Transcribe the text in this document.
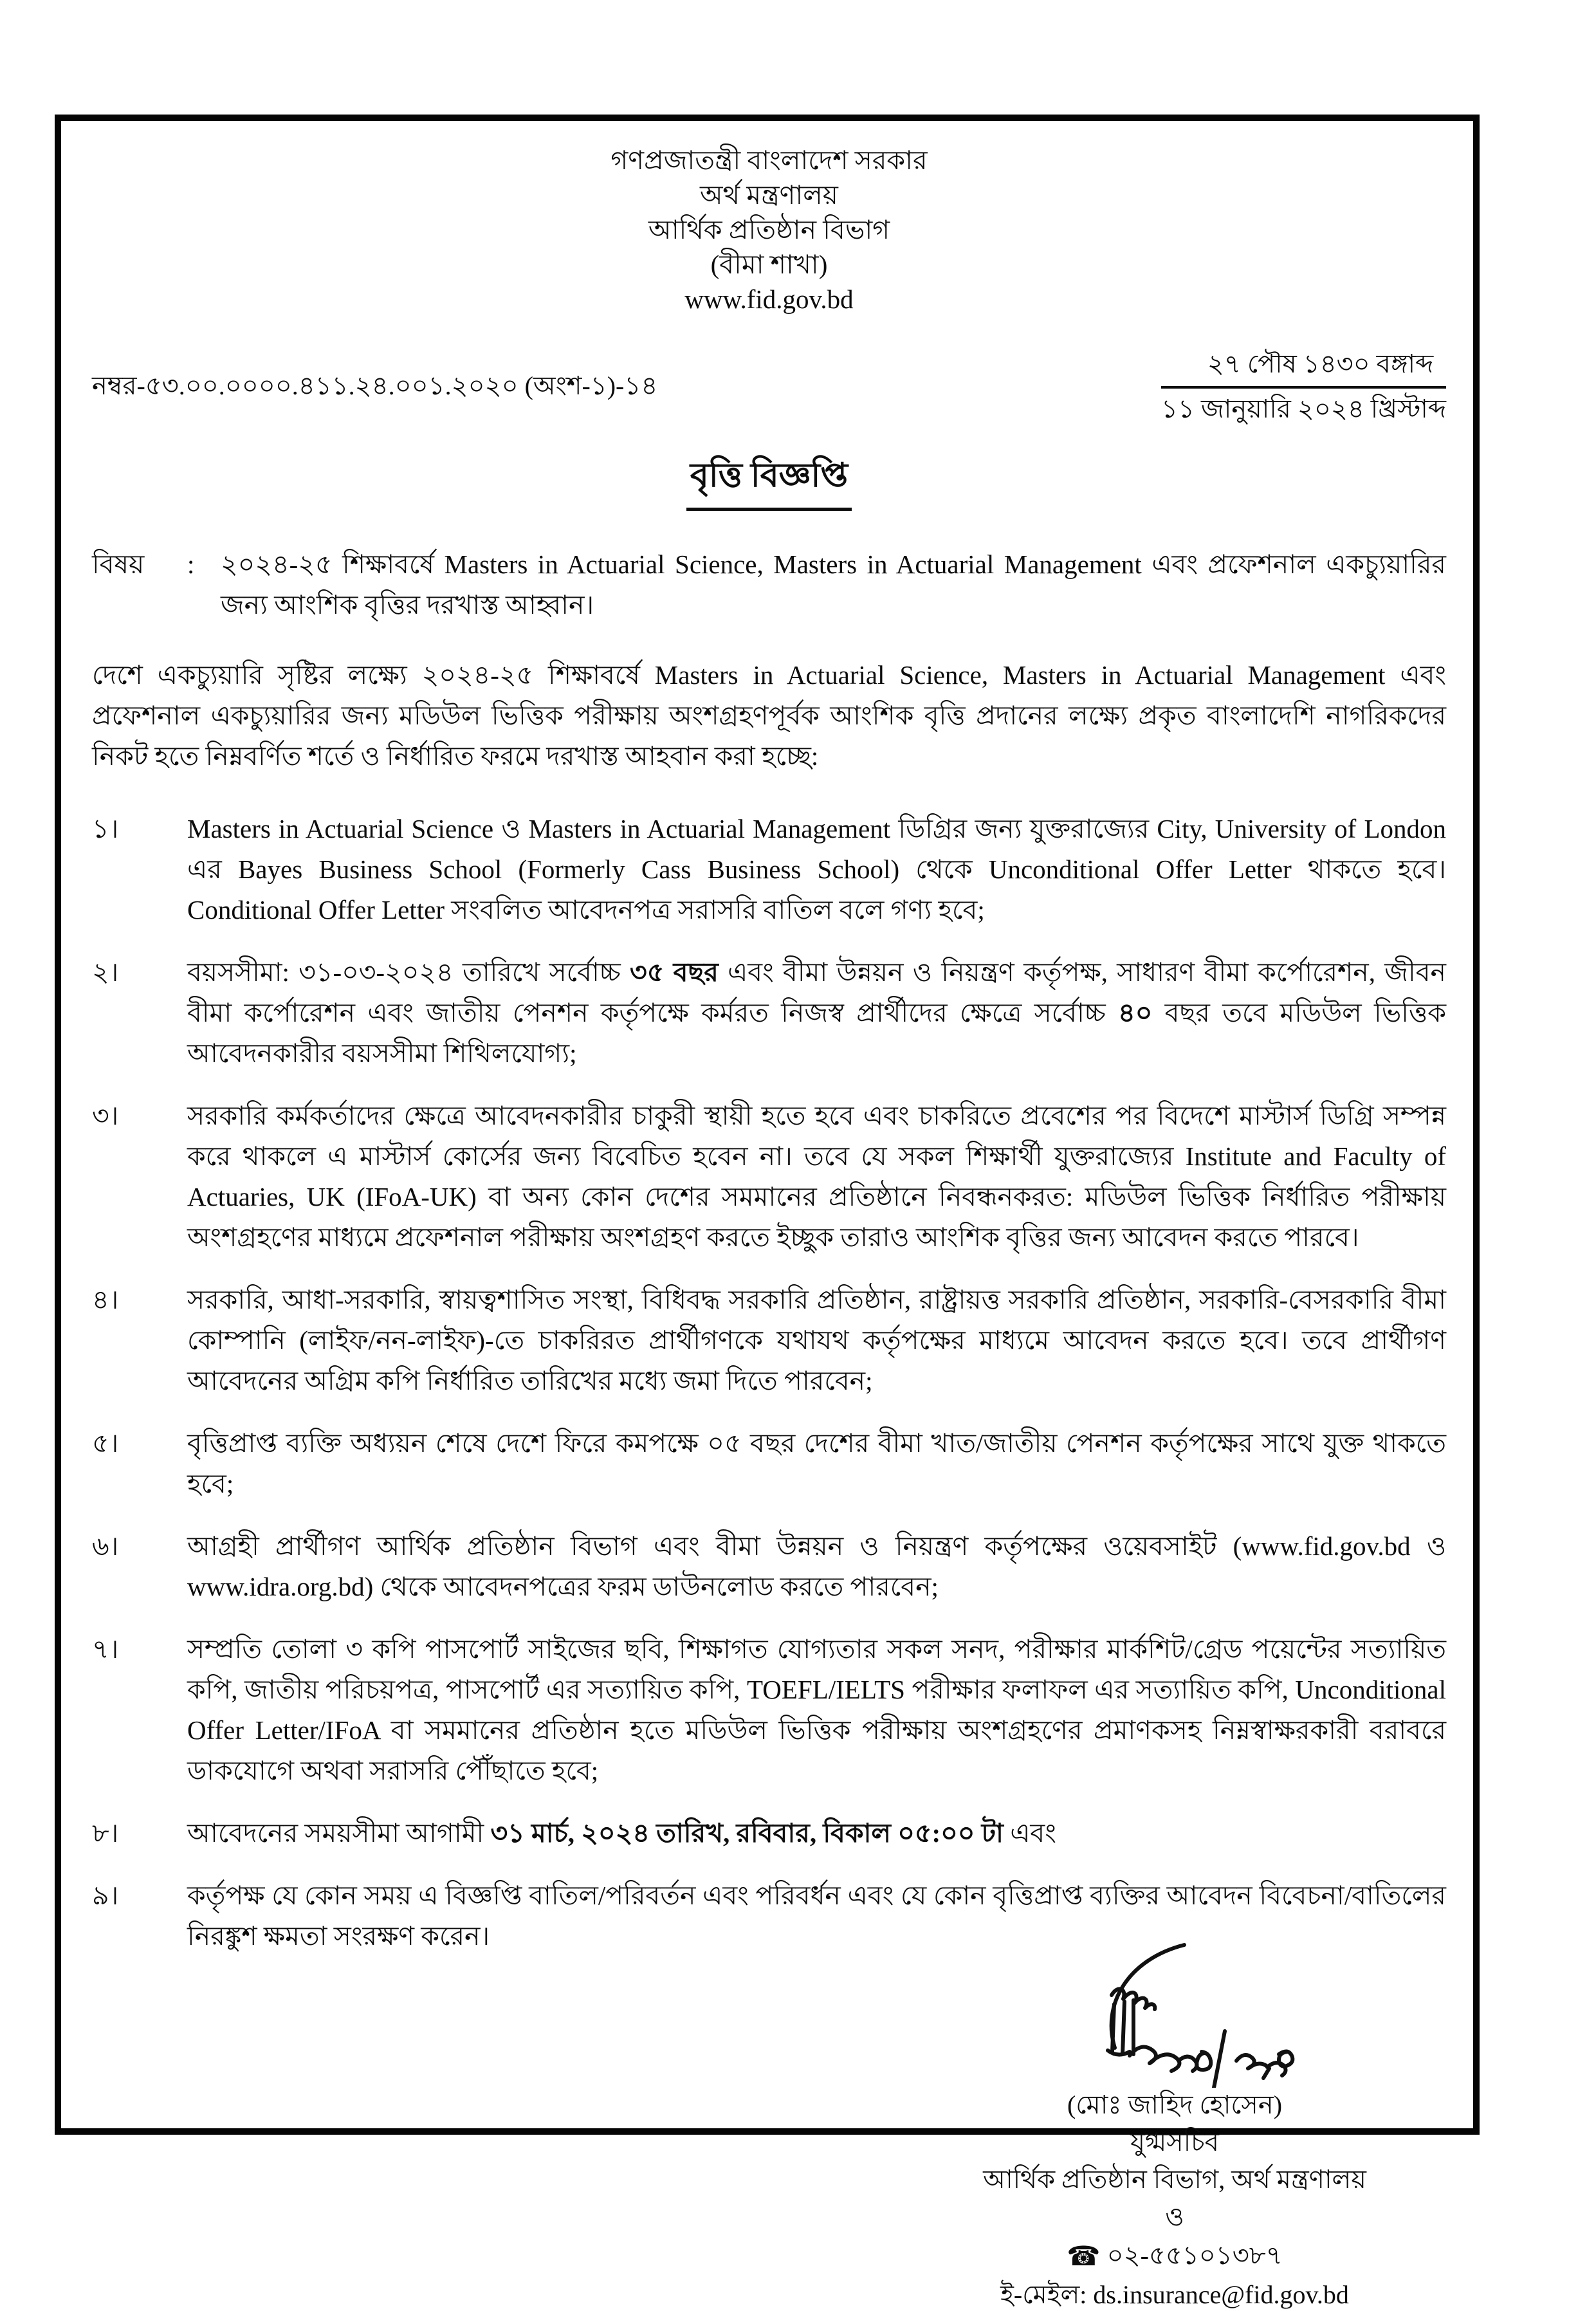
গণপ্রজাতন্ত্রী বাংলাদেশ সরকার
অর্থ মন্ত্রণালয়
আর্থিক প্রতিষ্ঠান বিভাগ
(বীমা শাখা)
www.fid.gov.bd
নম্বর-৫৩.০০.০০০০.৪১১.২৪.০০১.২০২০ (অংশ-১)-১৪
২৭ পৌষ ১৪৩০ বঙ্গাব্দ
১১ জানুয়ারি ২০২৪ খ্রিস্টাব্দ
বৃত্তি বিজ্ঞপ্তি
বিষয়	: ২০২৪-২৫ শিক্ষাবর্ষে Masters in Actuarial Science, Masters in Actuarial Management এবং প্রফেশনাল একচ্যুয়ারির জন্য আংশিক বৃত্তির দরখাস্ত আহ্বান।
দেশে একচ্যুয়ারি সৃষ্টির লক্ষ্যে ২০২৪-২৫ শিক্ষাবর্ষে Masters in Actuarial Science, Masters in Actuarial Management এবং প্রফেশনাল একচ্যুয়ারির জন্য মডিউল ভিত্তিক পরীক্ষায় অংশগ্রহণপূর্বক আংশিক বৃত্তি প্রদানের লক্ষ্যে প্রকৃত বাংলাদেশি নাগরিকদের নিকট হতে নিম্নবর্ণিত শর্তে ও নির্ধারিত ফরমে দরখাস্ত আহবান করা হচ্ছে:
১।	Masters in Actuarial Science ও Masters in Actuarial Management ডিগ্রির জন্য যুক্তরাজ্যের City, University of London এর Bayes Business School (Formerly Cass Business School) থেকে Unconditional Offer Letter থাকতে হবে। Conditional Offer Letter সংবলিত আবেদনপত্র সরাসরি বাতিল বলে গণ্য হবে;
২।	বয়সসীমা: ৩১-০৩-২০২৪ তারিখে সর্বোচ্চ ৩৫ বছর এবং বীমা উন্নয়ন ও নিয়ন্ত্রণ কর্তৃপক্ষ, সাধারণ বীমা কর্পোরেশন, জীবন বীমা কর্পোরেশন এবং জাতীয় পেনশন কর্তৃপক্ষে কর্মরত নিজস্ব প্রার্থীদের ক্ষেত্রে সর্বোচ্চ ৪০ বছর তবে মডিউল ভিত্তিক আবেদনকারীর বয়সসীমা শিথিলযোগ্য;
৩।	সরকারি কর্মকর্তাদের ক্ষেত্রে আবেদনকারীর চাকুরী স্থায়ী হতে হবে এবং চাকরিতে প্রবেশের পর বিদেশে মাস্টার্স ডিগ্রি সম্পন্ন করে থাকলে এ মাস্টার্স কোর্সের জন্য বিবেচিত হবেন না। তবে যে সকল শিক্ষার্থী যুক্তরাজ্যের Institute and Faculty of Actuaries, UK (IFoA-UK) বা অন্য কোন দেশের সমমানের প্রতিষ্ঠানে নিবন্ধনকরত: মডিউল ভিত্তিক নির্ধারিত পরীক্ষায় অংশগ্রহণের মাধ্যমে প্রফেশনাল পরীক্ষায় অংশগ্রহণ করতে ইচ্ছুক তারাও আংশিক বৃত্তির জন্য আবেদন করতে পারবে।
৪।	সরকারি, আধা-সরকারি, স্বায়ত্বশাসিত সংস্থা, বিধিবদ্ধ সরকারি প্রতিষ্ঠান, রাষ্ট্রায়ত্ত সরকারি প্রতিষ্ঠান, সরকারি-বেসরকারি বীমা কোম্পানি (লাইফ/নন-লাইফ)-তে চাকরিরত প্রার্থীগণকে যথাযথ কর্তৃপক্ষের মাধ্যমে আবেদন করতে হবে। তবে প্রার্থীগণ আবেদনের অগ্রিম কপি নির্ধারিত তারিখের মধ্যে জমা দিতে পারবেন;
৫।	বৃত্তিপ্রাপ্ত ব্যক্তি অধ্যয়ন শেষে দেশে ফিরে কমপক্ষে ০৫ বছর দেশের বীমা খাত/জাতীয় পেনশন কর্তৃপক্ষের সাথে যুক্ত থাকতে হবে;
৬।	আগ্রহী প্রার্থীগণ আর্থিক প্রতিষ্ঠান বিভাগ এবং বীমা উন্নয়ন ও নিয়ন্ত্রণ কর্তৃপক্ষের ওয়েবসাইট (www.fid.gov.bd ও www.idra.org.bd) থেকে আবেদনপত্রের ফরম ডাউনলোড করতে পারবেন;
৭।	সম্প্রতি তোলা ৩ কপি পাসপোর্ট সাইজের ছবি, শিক্ষাগত যোগ্যতার সকল সনদ, পরীক্ষার মার্কশিট/গ্রেড পয়েন্টের সত্যায়িত কপি, জাতীয় পরিচয়পত্র, পাসপোর্ট এর সত্যায়িত কপি, TOEFL/IELTS পরীক্ষার ফলাফল এর সত্যায়িত কপি, Unconditional Offer Letter/IFoA বা সমমানের প্রতিষ্ঠান হতে মডিউল ভিত্তিক পরীক্ষায় অংশগ্রহণের প্রমাণকসহ নিম্নস্বাক্ষরকারী বরাবরে ডাকযোগে অথবা সরাসরি পৌঁছাতে হবে;
৮।	আবেদনের সময়সীমা আগামী ৩১ মার্চ, ২০২৪ তারিখ, রবিবার, বিকাল ০৫:০০ টা এবং
৯।	কর্তৃপক্ষ যে কোন সময় এ বিজ্ঞপ্তি বাতিল/পরিবর্তন এবং পরিবর্ধন এবং যে কোন বৃত্তিপ্রাপ্ত ব্যক্তির আবেদন বিবেচনা/বাতিলের নিরঙ্কুশ ক্ষমতা সংরক্ষণ করেন।
(মোঃ জাহিদ হোসেন)
যুগ্মসচিব
আর্থিক প্রতিষ্ঠান বিভাগ, অর্থ মন্ত্রণালয়
ও
☎ ০২-৫৫১০১৩৮৭
ই-মেইল: ds.insurance@fid.gov.bd
